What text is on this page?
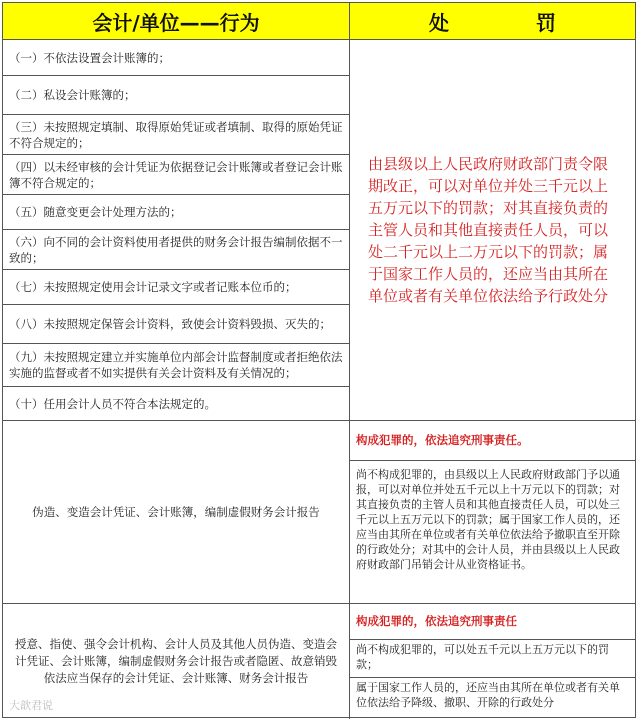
会计/单位——行为	处 罚
（一）不依法设置会计账簿的；
（二）私设会计账簿的；
（三）未按照规定填制、取得原始凭证或者填制、取得的原始凭证不符合规定的；
（四）以未经审核的会计凭证为依据登记会计账簿或者登记会计账簿不符合规定的；
（五）随意变更会计处理方法的；
（六）向不同的会计资料使用者提供的财务会计报告编制依据不一致的；
（七）未按照规定使用会计记录文字或者记账本位币的；
（八）未按照规定保管会计资料，致使会计资料毁损、灭失的；
（九）未按照规定建立并实施单位内部会计监督制度或者拒绝依法实施的监督或者不如实提供有关会计资料及有关情况的；
（十）任用会计人员不符合本法规定的。
由县级以上人民政府财政部门责令限期改正，可以对单位并处三千元以上五万元以下的罚款；对其直接负责的主管人员和其他直接责任人员，可以处二千元以上二万元以下的罚款；属于国家工作人员的，还应当由其所在单位或者有关单位依法给予行政处分
伪造、变造会计凭证、会计账簿，编制虚假财务会计报告
构成犯罪的，依法追究刑事责任。
尚不构成犯罪的，由县级以上人民政府财政部门予以通报，可以对单位并处五千元以上十万元以下的罚款；对其直接负责的主管人员和其他直接责任人员，可以处三千元以上五万元以下的罚款；属于国家工作人员的，还应当由其所在单位或者有关单位依法给予撤职直至开除的行政处分；对其中的会计人员，并由县级以上人民政府财政部门吊销会计从业资格证书。
授意、指使、强令会计机构、会计人员及其他人员伪造、变造会计凭证、会计账簿，编制虚假财务会计报告或者隐匿、故意销毁依法应当保存的会计凭证、会计账簿、财务会计报告
构成犯罪的，依法追究刑事责任
尚不构成犯罪的，可以处五千元以上五万元以下的罚款；
属于国家工作人员的，还应当由其所在单位或者有关单位依法给予降级、撤职、开除的行政处分
大歆君说
